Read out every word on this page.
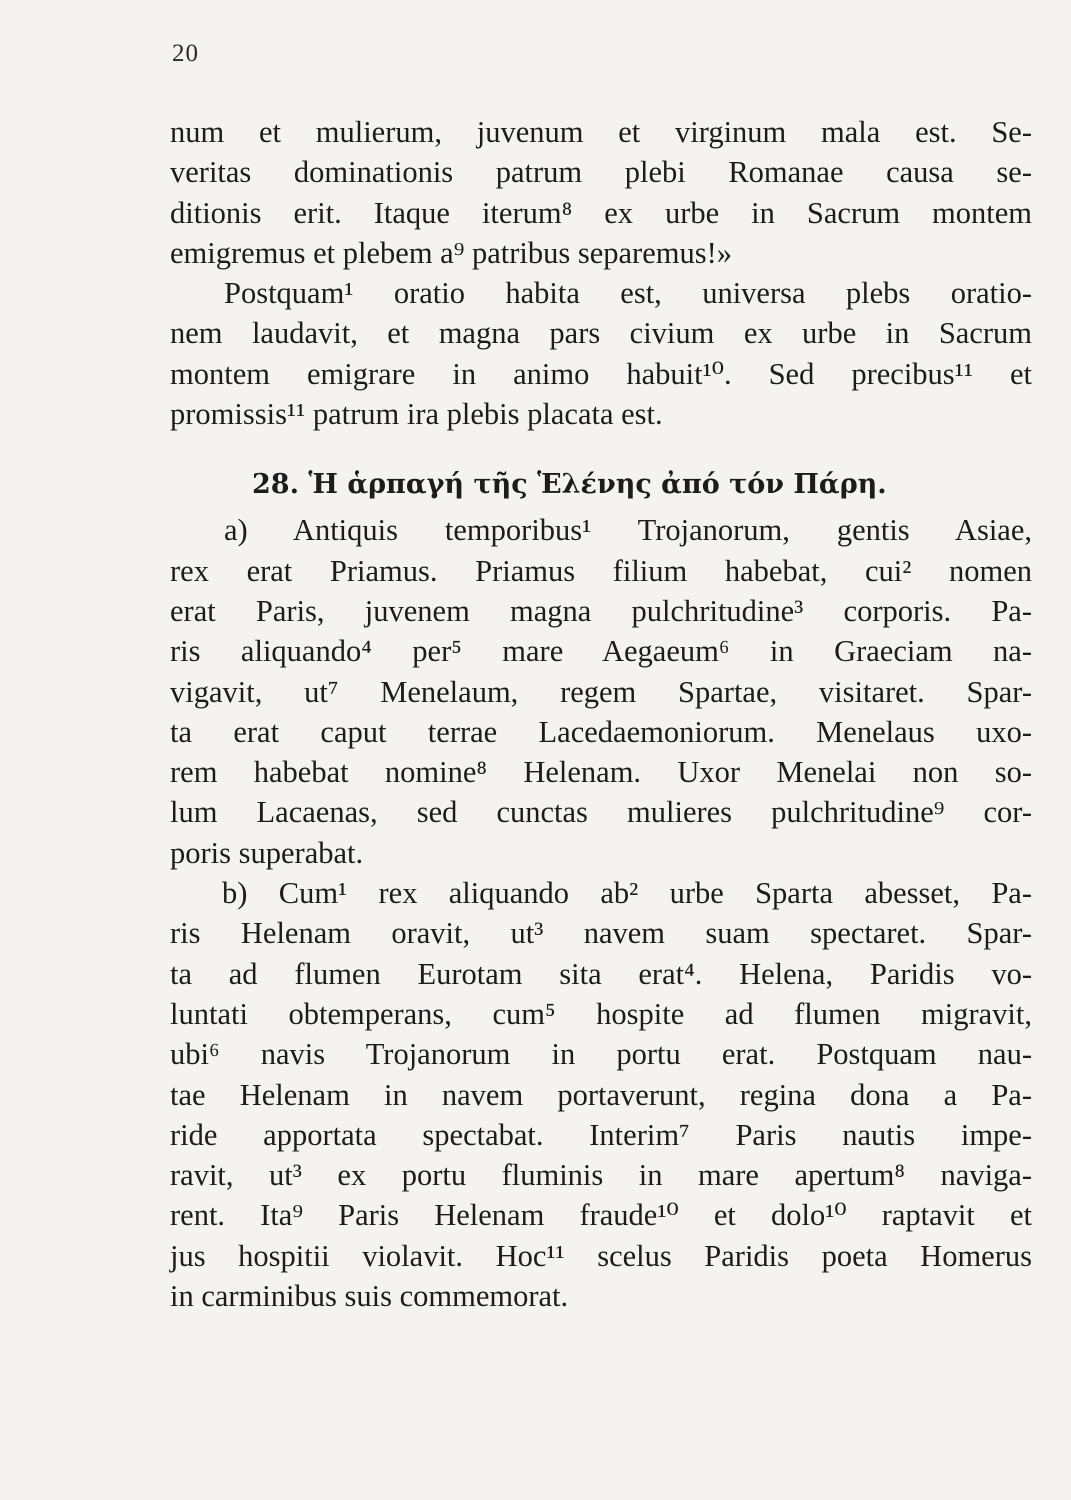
20
num et mulierum, juvenum et virginum mala est. Se-
veritas dominationis patrum plebi Romanae causa se-
ditionis erit. Itaque iterum⁸ ex urbe in Sacrum montem
emigremus et plebem a⁹ patribus separemus!»
Postquam¹ oratio habita est, universa plebs oratio-
nem laudavit, et magna pars civium ex urbe in Sacrum
montem emigrare in animo habuit¹⁰. Sed precibus¹¹ et
promissis¹¹ patrum ira plebis placata est.
28. Ἡ ἁρπαγή τῆς Ἑλένης ἀπό τόν Πάρη.
a) Antiquis temporibus¹ Trojanorum, gentis Asiae,
rex erat Priamus. Priamus filium habebat, cui² nomen
erat Paris, juvenem magna pulchritudine³ corporis. Pa-
ris aliquando⁴ per⁵ mare Aegaeum⁶ in Graeciam na-
vigavit, ut⁷ Menelaum, regem Spartae, visitaret. Spar-
ta erat caput terrae Lacedaemoniorum. Menelaus uxo-
rem habebat nomine⁸ Helenam. Uxor Menelai non so-
lum Lacaenas, sed cunctas mulieres pulchritudine⁹ cor-
poris superabat.
b) Cum¹ rex aliquando ab² urbe Sparta abesset, Pa-
ris Helenam oravit, ut³ navem suam spectaret. Spar-
ta ad flumen Eurotam sita erat⁴. Helena, Paridis vo-
luntati obtemperans, cum⁵ hospite ad flumen migravit,
ubi⁶ navis Trojanorum in portu erat. Postquam nau-
tae Helenam in navem portaverunt, regina dona a Pa-
ride apportata spectabat. Interim⁷ Paris nautis impe-
ravit, ut³ ex portu fluminis in mare apertum⁸ naviga-
rent. Ita⁹ Paris Helenam fraude¹⁰ et dolo¹⁰ raptavit et
jus hospitii violavit. Hoc¹¹ scelus Paridis poeta Homerus
in carminibus suis commemorat.
